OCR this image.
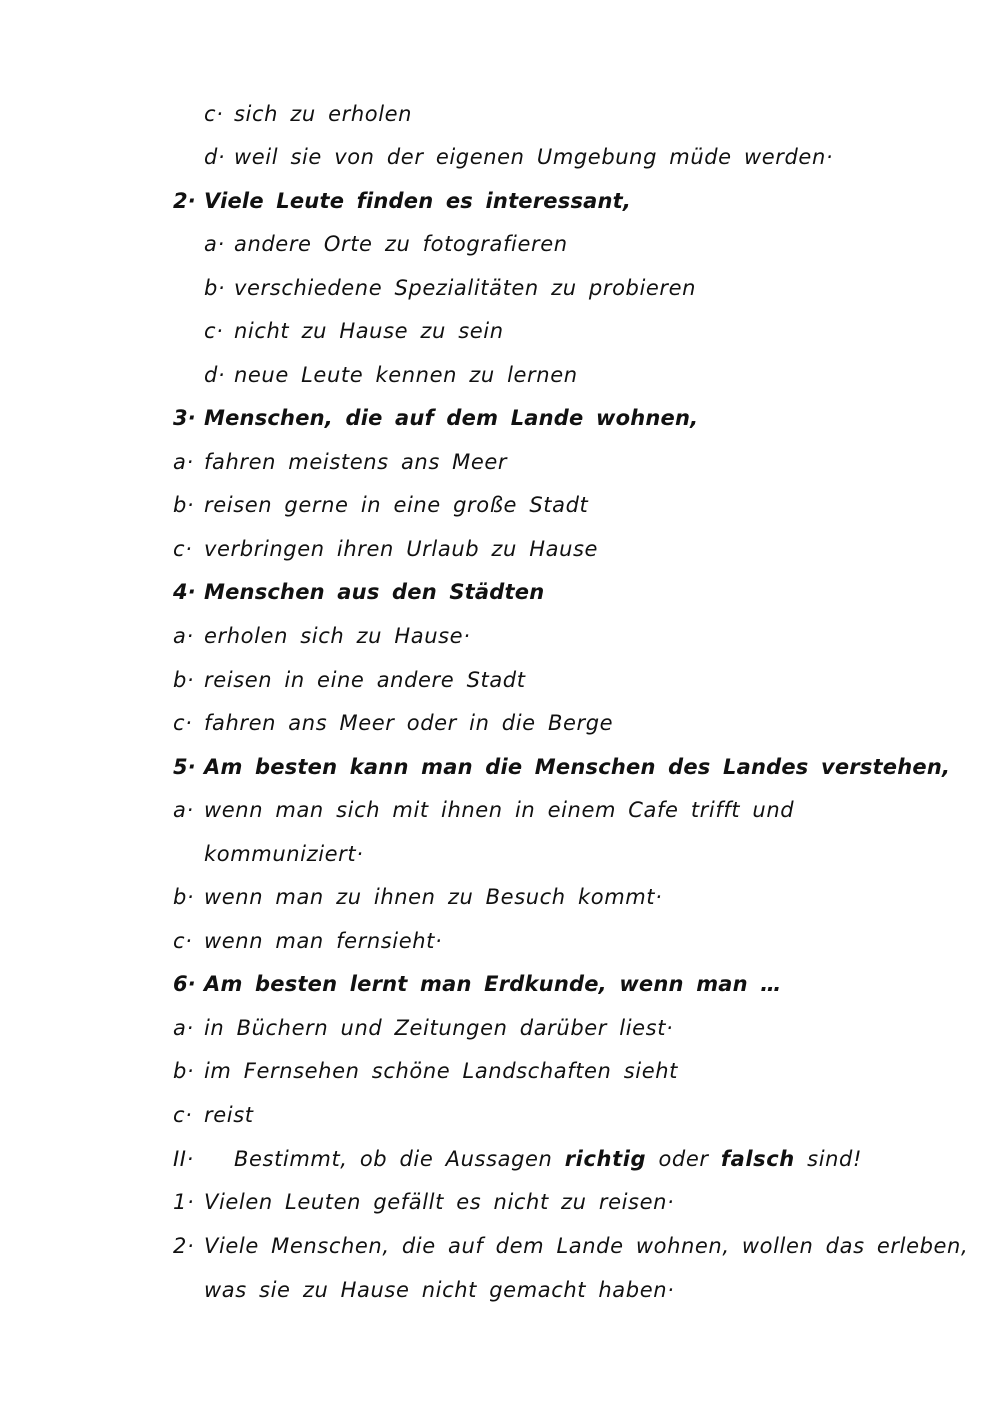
c· sich zu erholen
d· weil sie von der eigenen Umgebung müde werden·
2· Viele Leute finden es interessant,
a· andere Orte zu fotografieren
b· verschiedene Spezialitäten zu probieren
c· nicht zu Hause zu sein
d· neue Leute kennen zu lernen
3· Menschen, die auf dem Lande wohnen,
a· fahren meistens ans Meer
b· reisen gerne in eine große Stadt
c· verbringen ihren Urlaub zu Hause
4· Menschen aus den Städten
a· erholen sich zu Hause·
b· reisen in eine andere Stadt
c· fahren ans Meer oder in die Berge
5· Am besten kann man die Menschen des Landes verstehen,
a· wenn man sich mit ihnen in einem Cafe trifft und
kommuniziert·
b· wenn man zu ihnen zu Besuch kommt·
c· wenn man fernsieht·
6· Am besten lernt man Erdkunde, wenn man …
a· in Büchern und Zeitungen darüber liest·
b· im Fernsehen schöne Landschaften sieht
c· reist
II· Bestimmt, ob die Aussagen richtig oder falsch sind!
1· Vielen Leuten gefällt es nicht zu reisen·
2· Viele Menschen, die auf dem Lande wohnen, wollen das erleben,
was sie zu Hause nicht gemacht haben·
